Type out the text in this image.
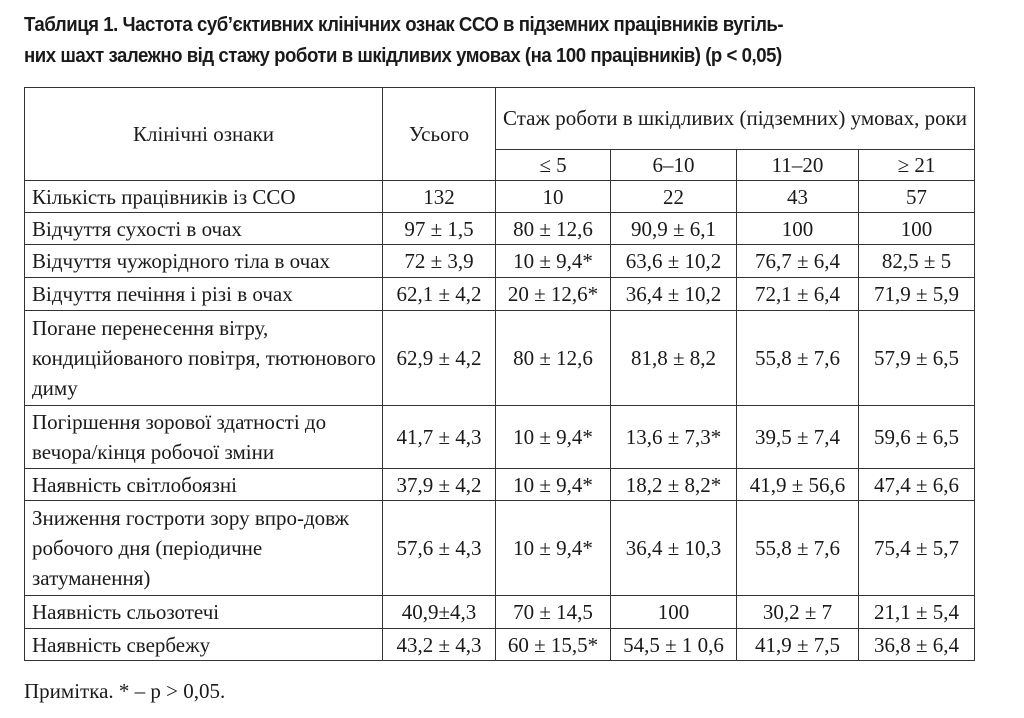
Таблиця 1. Частота суб’єктивних клінічних ознак ССО в підземних працівників вугіль-
них шахт залежно від стажу роботи в шкідливих умовах (на 100 працівників) (р < 0,05)
Клінічні ознаки	Усього	Стаж роботи в шкідливих (підземних) умовах, роки			
		≤ 5	6–10	11–20	≥ 21
Кількість працівників із ССО	132	10	22	43	57
Відчуття сухості в очах	97 ± 1,5	80 ± 12,6	90,9 ± 6,1	100	100
Відчуття чужорідного тіла в очах	72 ± 3,9	10 ± 9,4*	63,6 ± 10,2	76,7 ± 6,4	82,5 ± 5
Відчуття печіння і різі в очах	62,1 ± 4,2	20 ± 12,6*	36,4 ± 10,2	72,1 ± 6,4	71,9 ± 5,9
Погане перенесення вітру, кондиційованого повітря, тютюнового диму	62,9 ± 4,2	80 ± 12,6	81,8 ± 8,2	55,8 ± 7,6	57,9 ± 6,5
Погіршення зорової здатності до вечора/кінця робочої зміни	41,7 ± 4,3	10 ± 9,4*	13,6 ± 7,3*	39,5 ± 7,4	59,6 ± 6,5
Наявність світлобоязні	37,9 ± 4,2	10 ± 9,4*	18,2 ± 8,2*	41,9 ± 56,6	47,4 ± 6,6
Зниження гостроти зору впро-довж робочого дня (періодичне затуманення)	57,6 ± 4,3	10 ± 9,4*	36,4 ± 10,3	55,8 ± 7,6	75,4 ± 5,7
Наявність сльозотечі	40,9±4,3	70 ± 14,5	100	30,2 ± 7	21,1 ± 5,4
Наявність свербежу	43,2 ± 4,3	60 ± 15,5*	54,5 ± 1 0,6	41,9 ± 7,5	36,8 ± 6,4
Примітка. * – р > 0,05.
